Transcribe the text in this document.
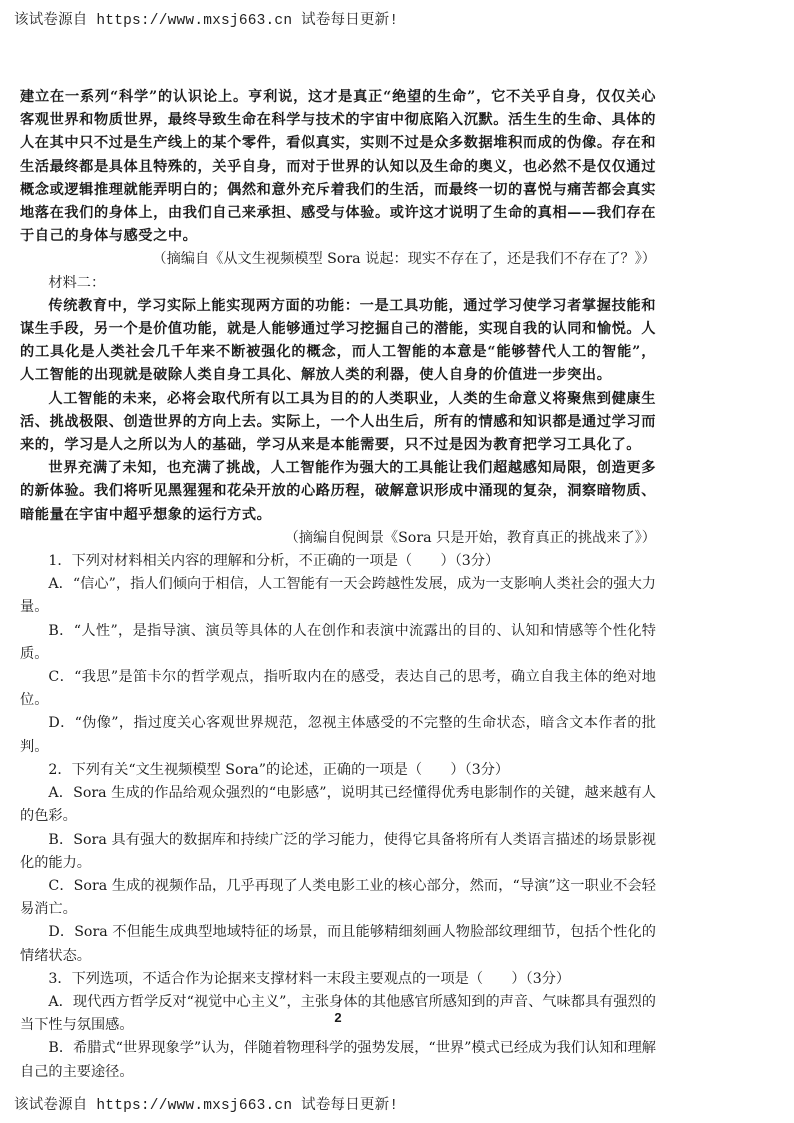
该试卷源自 https://www.mxsj663.cn 试卷每日更新!

建立在一系列“科学”的认识论上。亨利说，这才是真正“绝望的生命”，它不关乎自身，仅仅关心客观世界和物质世界，最终导致生命在科学与技术的宇宙中彻底陷入沉默。活生生的生命、具体的人在其中只不过是生产线上的某个零件，看似真实，实则不过是众多数据堆积而成的伪像。存在和生活最终都是具体且特殊的，关乎自身，而对于世界的认知以及生命的奥义，也必然不是仅仅通过概念或逻辑推理就能弄明白的；偶然和意外充斥着我们的生活，而最终一切的喜悦与痛苦都会真实地落在我们的身体上，由我们自己来承担、感受与体验。或许这才说明了生命的真相——我们存在于自己的身体与感受之中。

（摘编自《从文生视频模型 Sora 说起：现实不存在了，还是我们不存在了？》）

材料二：

传统教育中，学习实际上能实现两方面的功能：一是工具功能，通过学习使学习者掌握技能和谋生手段，另一个是价值功能，就是人能够通过学习挖掘自己的潜能，实现自我的认同和愉悦。人的工具化是人类社会几千年来不断被强化的概念，而人工智能的本意是“能够替代人工的智能”，人工智能的出现就是破除人类自身工具化、解放人类的利器，使人自身的价值进一步突出。

人工智能的未来，必将会取代所有以工具为目的的人类职业，人类的生命意义将聚焦到健康生活、挑战极限、创造世界的方向上去。实际上，一个人出生后，所有的情感和知识都是通过学习而来的，学习是人之所以为人的基础，学习从来是本能需要，只不过是因为教育把学习工具化了。

世界充满了未知，也充满了挑战，人工智能作为强大的工具能让我们超越感知局限，创造更多的新体验。我们将听见黑猩猩和花朵开放的心路历程，破解意识形成中涌现的复杂，洞察暗物质、暗能量在宇宙中超乎想象的运行方式。

（摘编自倪闽景《Sora 只是开始，教育真正的挑战来了》）

1．下列对材料相关内容的理解和分析，不正确的一项是（　　）（3分）

A．“信心”，指人们倾向于相信，人工智能有一天会跨越性发展，成为一支影响人类社会的强大力量。

B．“人性”，是指导演、演员等具体的人在创作和表演中流露出的目的、认知和情感等个性化特质。

C．“我思”是笛卡尔的哲学观点，指听取内在的感受，表达自己的思考，确立自我主体的绝对地位。

D．“伪像”，指过度关心客观世界规范，忽视主体感受的不完整的生命状态，暗含文本作者的批判。

2．下列有关“文生视频模型 Sora”的论述，正确的一项是（　　）（3分）

A．Sora 生成的作品给观众强烈的“电影感”，说明其已经懂得优秀电影制作的关键，越来越有人的色彩。

B．Sora 具有强大的数据库和持续广泛的学习能力，使得它具备将所有人类语言描述的场景影视化的能力。

C．Sora 生成的视频作品，几乎再现了人类电影工业的核心部分，然而，“导演”这一职业不会轻易消亡。

D．Sora 不但能生成典型地域特征的场景，而且能够精细刻画人物脸部纹理细节，包括个性化的情绪状态。

3．下列选项，不适合作为论据来支撑材料一末段主要观点的一项是（　　）（3分）

A．现代西方哲学反对“视觉中心主义”，主张身体的其他感官所感知到的声音、气味都具有强烈的当下性与氛围感。

B．希腊式“世界现象学”认为，伴随着物理科学的强势发展，“世界”模式已经成为我们认知和理解自己的主要途径。

2
该试卷源自 https://www.mxsj663.cn 试卷每日更新!
